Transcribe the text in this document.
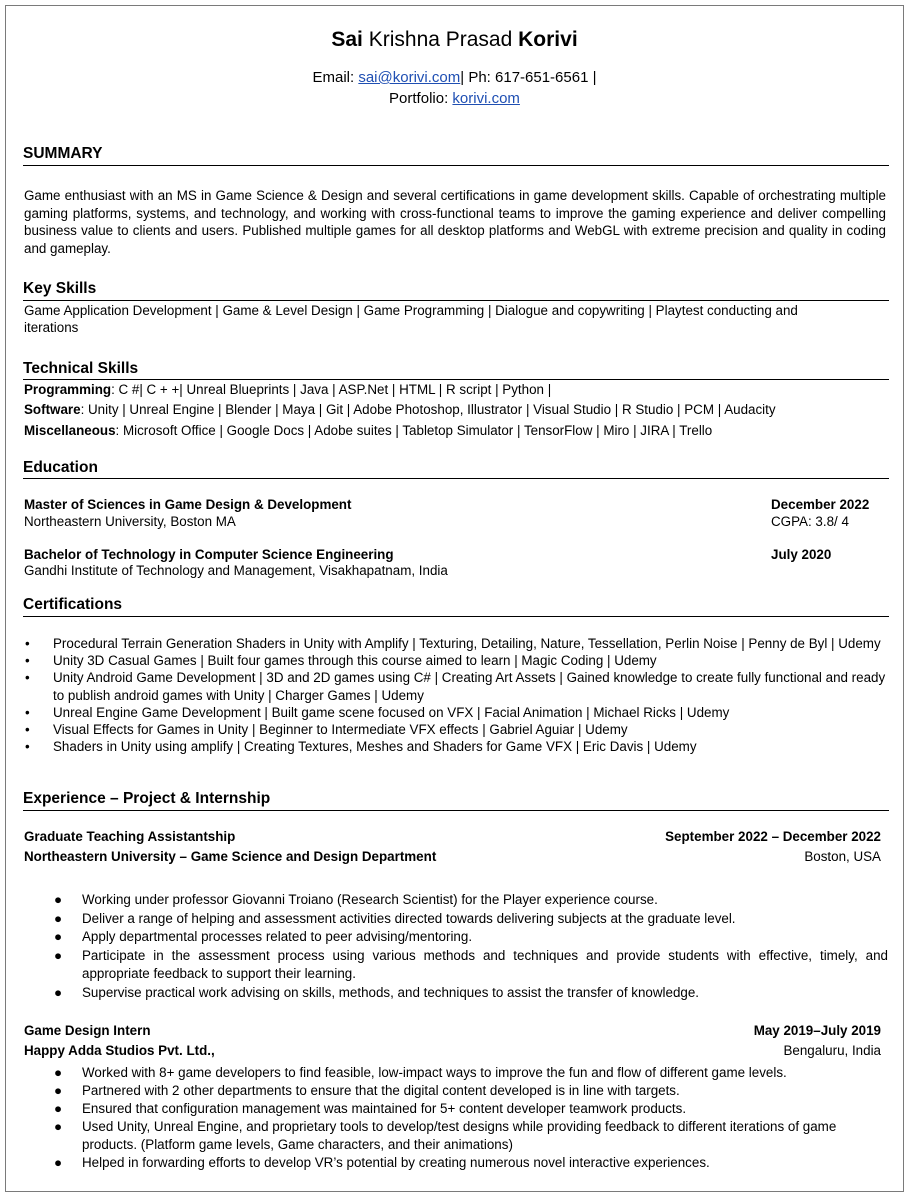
Sai Krishna Prasad Korivi
Email: sai@korivi.com| Ph: 617-651-6561 |
Portfolio: korivi.com
SUMMARY
Game enthusiast with an MS in Game Science & Design and several certifications in game development skills. Capable of orchestrating multiple gaming platforms, systems, and technology, and working with cross-functional teams to improve the gaming experience and deliver compelling business value to clients and users. Published multiple games for all desktop platforms and WebGL with extreme precision and quality in coding and gameplay.
Key Skills
Game Application Development | Game & Level Design | Game Programming | Dialogue and copywriting | Playtest conducting and
iterations
Technical Skills
Programming: C #| C + +| Unreal Blueprints | Java | ASP.Net | HTML | R script | Python |
Software: Unity | Unreal Engine | Blender | Maya | Git | Adobe Photoshop, Illustrator | Visual Studio | R Studio | PCM | Audacity
Miscellaneous: Microsoft Office | Google Docs | Adobe suites | Tabletop Simulator | TensorFlow | Miro | JIRA | Trello
Education
Master of Sciences in Game Design & Development
Northeastern University, Boston MA
December 2022
CGPA: 3.8/ 4
Bachelor of Technology in Computer Science Engineering
Gandhi Institute of Technology and Management, Visakhapatnam, India
July 2020
Certifications
• Procedural Terrain Generation Shaders in Unity with Amplify | Texturing, Detailing, Nature, Tessellation, Perlin Noise | Penny de Byl | Udemy
• Unity 3D Casual Games | Built four games through this course aimed to learn | Magic Coding | Udemy
• Unity Android Game Development | 3D and 2D games using C# | Creating Art Assets | Gained knowledge to create fully functional and ready to publish android games with Unity | Charger Games | Udemy
• Unreal Engine Game Development | Built game scene focused on VFX | Facial Animation | Michael Ricks | Udemy
• Visual Effects for Games in Unity | Beginner to Intermediate VFX effects | Gabriel Aguiar | Udemy
• Shaders in Unity using amplify | Creating Textures, Meshes and Shaders for Game VFX | Eric Davis | Udemy
Experience – Project & Internship
Graduate Teaching Assistantship
Northeastern University – Game Science and Design Department
September 2022 – December 2022
Boston, USA
● Working under professor Giovanni Troiano (Research Scientist) for the Player experience course.
● Deliver a range of helping and assessment activities directed towards delivering subjects at the graduate level.
● Apply departmental processes related to peer advising/mentoring.
● Participate in the assessment process using various methods and techniques and provide students with effective, timely, and appropriate feedback to support their learning.
● Supervise practical work advising on skills, methods, and techniques to assist the transfer of knowledge.
Game Design Intern
Happy Adda Studios Pvt. Ltd.,
May 2019–July 2019
Bengaluru, India
● Worked with 8+ game developers to find feasible, low-impact ways to improve the fun and flow of different game levels.
● Partnered with 2 other departments to ensure that the digital content developed is in line with targets.
● Ensured that configuration management was maintained for 5+ content developer teamwork products.
● Used Unity, Unreal Engine, and proprietary tools to develop/test designs while providing feedback to different iterations of game products. (Platform game levels, Game characters, and their animations)
● Helped in forwarding efforts to develop VR’s potential by creating numerous novel interactive experiences.
